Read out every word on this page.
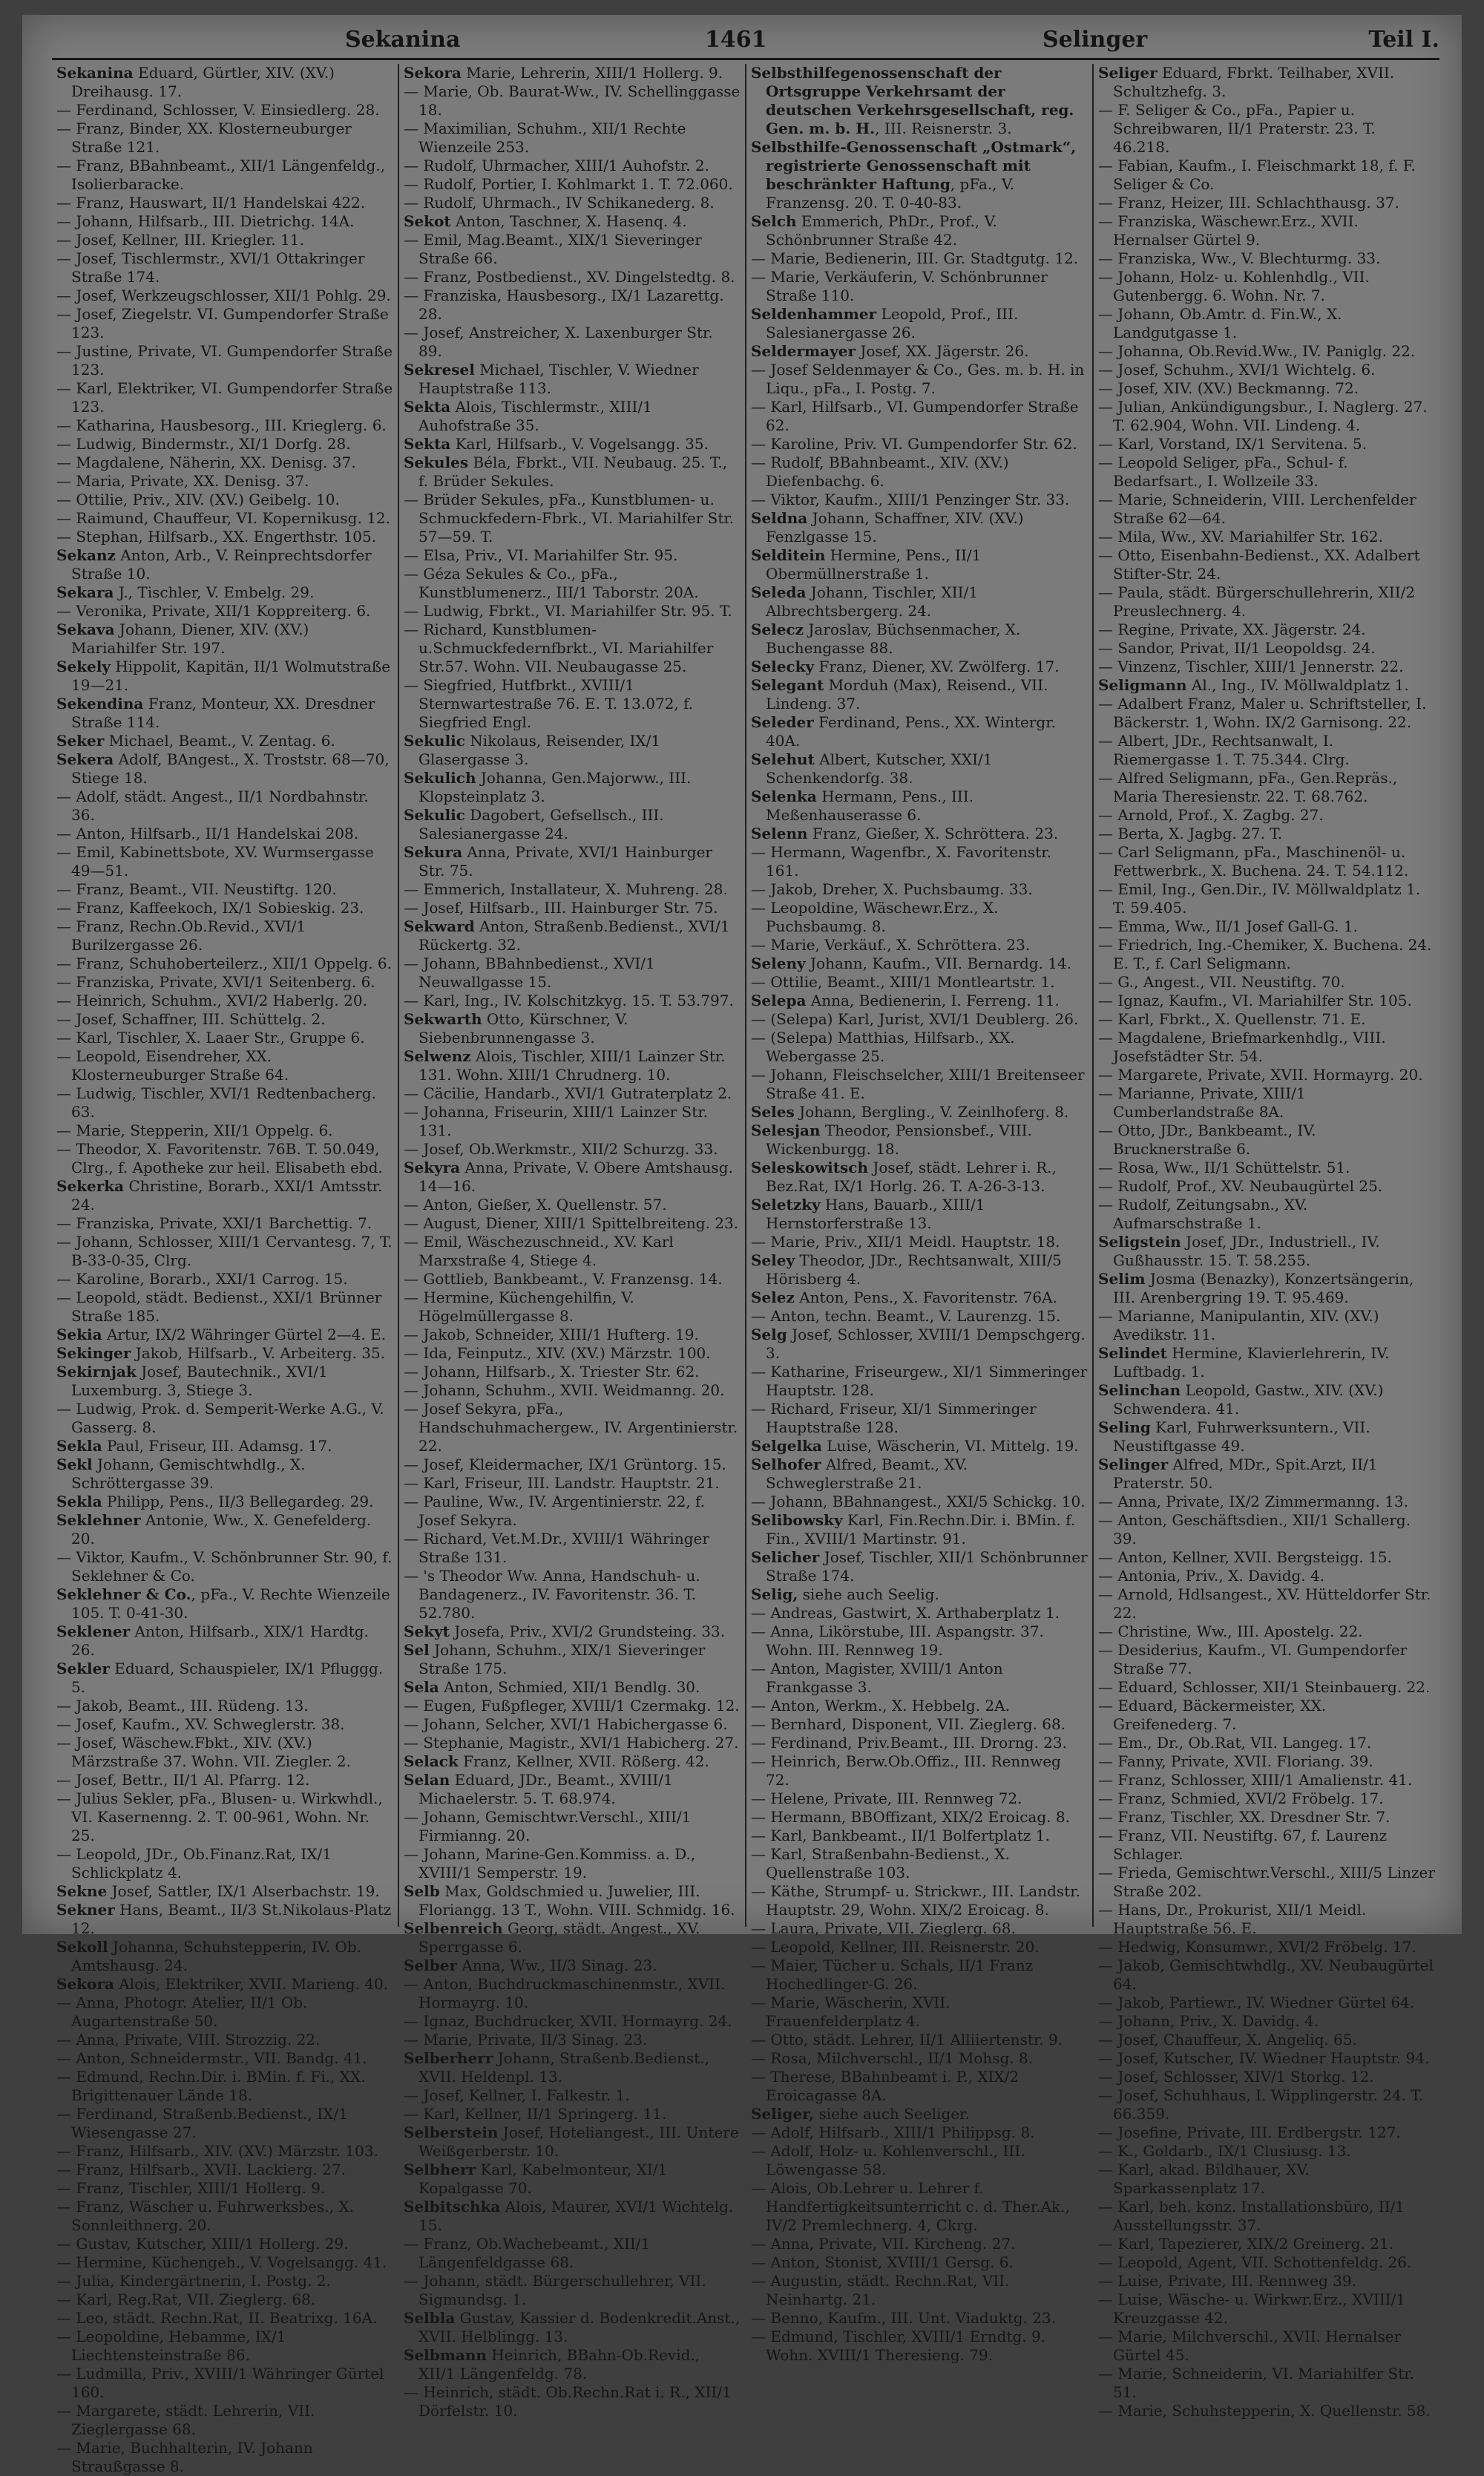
Sekanina	1461	Selinger	Teil I.
Sekanina Eduard, Gürtler, XIV. (XV.) Dreihausg. 17.
— Ferdinand, Schlosser, V. Einsiedlerg. 28.
— Franz, Binder, XX. Klosterneuburger Straße 121.
— Franz, BBahnbeamt., XII/1 Längenfeldg., Isolierbaracke.
— Franz, Hauswart, II/1 Handelskai 422.
— Johann, Hilfsarb., III. Dietrichg. 14A.
— Josef, Kellner, III. Kriegler. 11.
— Josef, Tischlermstr., XVI/1 Ottakringer Straße 174.
— Josef, Werkzeugschlosser, XII/1 Pohlg. 29.
— Josef, Ziegelstr. VI. Gumpendorfer Straße 123.
— Justine, Private, VI. Gumpendorfer Straße 123.
— Karl, Elektriker, VI. Gumpendorfer Straße 123.
— Katharina, Hausbesorg., III. Krieglerg. 6.
— Ludwig, Bindermstr., XI/1 Dorfg. 28.
— Magdalene, Näherin, XX. Denisg. 37.
— Maria, Private, XX. Denisg. 37.
— Ottilie, Priv., XIV. (XV.) Geibelg. 10.
— Raimund, Chauffeur, VI. Kopernikusg. 12.
— Stephan, Hilfsarb., XX. Engerthstr. 105.
Sekanz Anton, Arb., V. Reinprechtsdorfer Straße 10.
Sekara J., Tischler, V. Embelg. 29.
— Veronika, Private, XII/1 Koppreiterg. 6.
Sekava Johann, Diener, XIV. (XV.) Mariahilfer Str. 197.
Sekely Hippolit, Kapitän, II/1 Wolmutstraße 19—21.
Sekendina Franz, Monteur, XX. Dresdner Straße 114.
Seker Michael, Beamt., V. Zentag. 6.
Sekera Adolf, BAngest., X. Troststr. 68—70, Stiege 18.
— Adolf, städt. Angest., II/1 Nordbahnstr. 36.
— Anton, Hilfsarb., II/1 Handelskai 208.
— Emil, Kabinettsbote, XV. Wurmsergasse 49—51.
— Franz, Beamt., VII. Neustiftg. 120.
— Franz, Kaffeekoch, IX/1 Sobieskig. 23.
— Franz, Rechn.Ob.Revid., XVI/1 Burilzergasse 26.
— Franz, Schuhoberteilerz., XII/1 Oppelg. 6.
— Franziska, Private, XVI/1 Seitenberg. 6.
— Heinrich, Schuhm., XVI/2 Haberlg. 20.
— Josef, Schaffner, III. Schüttelg. 2.
— Karl, Tischler, X. Laaer Str., Gruppe 6.
— Leopold, Eisendreher, XX. Klosterneuburger Straße 64.
— Ludwig, Tischler, XVI/1 Redtenbacherg. 63.
— Marie, Stepperin, XII/1 Oppelg. 6.
— Theodor, X. Favoritenstr. 76B. T. 50.049, Clrg., f. Apotheke zur heil. Elisabeth ebd.
Sekerka Christine, Borarb., XXI/1 Amtsstr. 24.
— Franziska, Private, XXI/1 Barchettig. 7.
— Johann, Schlosser, XIII/1 Cervantesg. 7, T. B-33-0-35, Clrg.
— Karoline, Borarb., XXI/1 Carrog. 15.
— Leopold, städt. Bedienst., XXI/1 Brünner Straße 185.
Sekia Artur, IX/2 Währinger Gürtel 2—4. E.
Sekinger Jakob, Hilfsarb., V. Arbeiterg. 35.
Sekirnjak Josef, Bautechnik., XVI/1 Luxemburg. 3, Stiege 3.
— Ludwig, Prok. d. Semperit-Werke A.G., V. Gasserg. 8.
Sekla Paul, Friseur, III. Adamsg. 17.
Sekl Johann, Gemischtwhdlg., X. Schröttergasse 39.
Sekla Philipp, Pens., II/3 Bellegardeg. 29.
Seklehner Antonie, Ww., X. Genefelderg. 20.
— Viktor, Kaufm., V. Schönbrunner Str. 90, f. Seklehner & Co.
Seklehner & Co., pFa., V. Rechte Wienzeile 105. T. 0-41-30.
Seklener Anton, Hilfsarb., XIX/1 Hardtg. 26.
Sekler Eduard, Schauspieler, IX/1 Pfluggg. 5.
— Jakob, Beamt., III. Rüdeng. 13.
— Josef, Kaufm., XV. Schweglerstr. 38.
— Josef, Wäschew.Fbkt., XIV. (XV.) Märzstraße 37. Wohn. VII. Ziegler. 2.
— Josef, Bettr., II/1 Al. Pfarrg. 12.
— Julius Sekler, pFa., Blusen- u. Wirkwhdl., VI. Kasernenng. 2. T. 00-961, Wohn. Nr. 25.
— Leopold, JDr., Ob.Finanz.Rat, IX/1 Schlickplatz 4.
Sekne Josef, Sattler, IX/1 Alserbachstr. 19.
Sekner Hans, Beamt., II/3 St.Nikolaus-Platz 12.
Sekoll Johanna, Schuhstepperin, IV. Ob. Amtshausg. 24.
Sekora Alois, Elektriker, XVII. Marieng. 40.
— Anna, Photogr. Atelier, II/1 Ob. Augartenstraße 50.
— Anna, Private, VIII. Strozzig. 22.
— Anton, Schneidermstr., VII. Bandg. 41.
— Edmund, Rechn.Dir. i. BMin. f. Fi., XX. Brigittenauer Lände 18.
— Ferdinand, Straßenb.Bedienst., IX/1 Wiesengasse 27.
— Franz, Hilfsarb., XIV. (XV.) Märzstr. 103.
— Franz, Hilfsarb., XVII. Lackierg. 27.
— Franz, Tischler, XIII/1 Hollerg. 9.
— Franz, Wäscher u. Fuhrwerksbes., X. Sonnleithnerg. 20.
— Gustav, Kutscher, XIII/1 Hollerg. 29.
— Hermine, Küchengeh., V. Vogelsangg. 41.
— Julia, Kindergärtnerin, I. Postg. 2.
— Karl, Reg.Rat, VII. Zieglerg. 68.
— Leo, städt. Rechn.Rat, II. Beatrixg. 16A.
— Leopoldine, Hebamme, IX/1 Liechtensteinstraße 86.
— Ludmilla, Priv., XVIII/1 Währinger Gürtel 160.
— Margarete, städt. Lehrerin, VII. Zieglergasse 68.
— Marie, Buchhalterin, IV. Johann Straußgasse 8.
Sekora Marie, Lehrerin, XIII/1 Hollerg. 9.
— Marie, Ob. Baurat-Ww., IV. Schellinggasse 18.
— Maximilian, Schuhm., XII/1 Rechte Wienzeile 253.
— Rudolf, Uhrmacher, XIII/1 Auhofstr. 2.
— Rudolf, Portier, I. Kohlmarkt 1. T. 72.060.
— Rudolf, Uhrmach., IV Schikanederg. 8.
Sekot Anton, Taschner, X. Hasenq. 4.
— Emil, Mag.Beamt., XIX/1 Sieveringer Straße 66.
— Franz, Postbedienst., XV. Dingelstedtg. 8.
— Franziska, Hausbesorg., IX/1 Lazarettg. 28.
— Josef, Anstreicher, X. Laxenburger Str. 89.
Sekresel Michael, Tischler, V. Wiedner Hauptstraße 113.
Sekta Alois, Tischlermstr., XIII/1 Auhofstraße 35.
Sekta Karl, Hilfsarb., V. Vogelsangg. 35.
Sekules Béla, Fbrkt., VII. Neubaug. 25. T., f. Brüder Sekules.
— Brüder Sekules, pFa., Kunstblumen- u. Schmuckfedern-Fbrk., VI. Mariahilfer Str. 57—59. T.
— Elsa, Priv., VI. Mariahilfer Str. 95.
— Géza Sekules & Co., pFa., Kunstblumenerz., III/1 Taborstr. 20A.
— Ludwig, Fbrkt., VI. Mariahilfer Str. 95. T.
— Richard, Kunstblumen-u.Schmuckfedernfbrkt., VI. Mariahilfer Str.57. Wohn. VII. Neubaugasse 25.
— Siegfried, Hutfbrkt., XVIII/1 Sternwartestraße 76. E. T. 13.072, f. Siegfried Engl.
Sekulic Nikolaus, Reisender, IX/1 Glasergasse 3.
Sekulich Johanna, Gen.Majorww., III. Klopsteinplatz 3.
Sekulic Dagobert, Gefsellsch., III. Salesianergasse 24.
Sekura Anna, Private, XVI/1 Hainburger Str. 75.
— Emmerich, Installateur, X. Muhreng. 28.
— Josef, Hilfsarb., III. Hainburger Str. 75.
Sekward Anton, Straßenb.Bedienst., XVI/1 Rückertg. 32.
— Johann, BBahnbedienst., XVI/1 Neuwallgasse 15.
— Karl, Ing., IV. Kolschitzkyg. 15. T. 53.797.
Sekwarth Otto, Kürschner, V. Siebenbrunnengasse 3.
Selwenz Alois, Tischler, XIII/1 Lainzer Str. 131. Wohn. XIII/1 Chrudnerg. 10.
— Cäcilie, Handarb., XVI/1 Gutraterplatz 2.
— Johanna, Friseurin, XIII/1 Lainzer Str. 131.
— Josef, Ob.Werkmstr., XII/2 Schurzg. 33.
Sekyra Anna, Private, V. Obere Amtshausg. 14—16.
— Anton, Gießer, X. Quellenstr. 57.
— August, Diener, XIII/1 Spittelbreiteng. 23.
— Emil, Wäschezuschneid., XV. Karl Marxstraße 4, Stiege 4.
— Gottlieb, Bankbeamt., V. Franzensg. 14.
— Hermine, Küchengehilfin, V. Högelmüllergasse 8.
— Jakob, Schneider, XIII/1 Hufterg. 19.
— Ida, Feinputz., XIV. (XV.) Märzstr. 100.
— Johann, Hilfsarb., X. Triester Str. 62.
— Johann, Schuhm., XVII. Weidmanng. 20.
— Josef Sekyra, pFa., Handschuhmachergew., IV. Argentinierstr. 22.
— Josef, Kleidermacher, IX/1 Grüntorg. 15.
— Karl, Friseur, III. Landstr. Hauptstr. 21.
— Pauline, Ww., IV. Argentinierstr. 22, f. Josef Sekyra.
— Richard, Vet.M.Dr., XVIII/1 Währinger Straße 131.
— 's Theodor Ww. Anna, Handschuh- u. Bandagenerz., IV. Favoritenstr. 36. T. 52.780.
Sekyt Josefa, Priv., XVI/2 Grundsteing. 33.
Sel Johann, Schuhm., XIX/1 Sieveringer Straße 175.
Sela Anton, Schmied, XII/1 Bendlg. 30.
— Eugen, Fußpfleger, XVIII/1 Czermakg. 12.
— Johann, Selcher, XVI/1 Habichergasse 6.
— Stephanie, Magistr., XVI/1 Habicherg. 27.
Selack Franz, Kellner, XVII. Rößerg. 42.
Selan Eduard, JDr., Beamt., XVIII/1 Michaelerstr. 5. T. 68.974.
— Johann, Gemischtwr.Verschl., XIII/1 Firmianng. 20.
— Johann, Marine-Gen.Kommiss. a. D., XVIII/1 Semperstr. 19.
Selb Max, Goldschmied u. Juwelier, III. Floriangg. 13 T., Wohn. VIII. Schmidg. 16.
Selbenreich Georg, städt. Angest., XV. Sperrgasse 6.
Selber Anna, Ww., II/3 Sinag. 23.
— Anton, Buchdruckmaschinenmstr., XVII. Hormayrg. 10.
— Ignaz, Buchdrucker, XVII. Hormayrg. 24.
— Marie, Private, II/3 Sinag. 23.
Selberherr Johann, Straßenb.Bedienst., XVII. Heldenpl. 13.
— Josef, Kellner, I. Falkestr. 1.
— Karl, Kellner, II/1 Springerg. 11.
Selberstein Josef, Hoteliangest., III. Untere Weißgerberstr. 10.
Selbherr Karl, Kabelmonteur, XI/1 Kopalgasse 70.
Selbitschka Alois, Maurer, XVI/1 Wichtelg. 15.
— Franz, Ob.Wachebeamt., XII/1 Längenfeldgasse 68.
— Johann, städt. Bürgerschullehrer, VII. Sigmundsg. 1.
Selbla Gustav, Kassier d. Bodenkredit.Anst., XVII. Helblingg. 13.
Selbmann Heinrich, BBahn-Ob.Revid., XII/1 Längenfeldg. 78.
— Heinrich, städt. Ob.Rechn.Rat i. R., XII/1 Dörfelstr. 10.
Selbsthilfegenossenschaft der Ortsgruppe Verkehrsamt der deutschen Verkehrsgesellschaft, reg. Gen. m. b. H., III. Reisnerstr. 3.
Selbsthilfe-Genossenschaft „Ostmark“, registrierte Genossenschaft mit beschränkter Haftung, pFa., V. Franzensg. 20. T. 0-40-83.
Selch Emmerich, PhDr., Prof., V. Schönbrunner Straße 42.
— Marie, Bedienerin, III. Gr. Stadtgutg. 12.
— Marie, Verkäuferin, V. Schönbrunner Straße 110.
Seldenhammer Leopold, Prof., III. Salesianergasse 26.
Seldermayer Josef, XX. Jägerstr. 26.
— Josef Seldenmayer & Co., Ges. m. b. H. in Liqu., pFa., I. Postg. 7.
— Karl, Hilfsarb., VI. Gumpendorfer Straße 62.
— Karoline, Priv. VI. Gumpendorfer Str. 62.
— Rudolf, BBahnbeamt., XIV. (XV.) Diefenbachg. 6.
— Viktor, Kaufm., XIII/1 Penzinger Str. 33.
Seldna Johann, Schaffner, XIV. (XV.) Fenzlgasse 15.
Selditein Hermine, Pens., II/1 Obermüllnerstraße 1.
Seleda Johann, Tischler, XII/1 Albrechtsbergerg. 24.
Selecz Jaroslav, Büchsenmacher, X. Buchengasse 88.
Selecky Franz, Diener, XV. Zwölferg. 17.
Selegant Morduh (Max), Reisend., VII. Lindeng. 37.
Seleder Ferdinand, Pens., XX. Wintergr. 40A.
Selehut Albert, Kutscher, XXI/1 Schenkendorfg. 38.
Selenka Hermann, Pens., III. Meßenhauserasse 6.
Selenn Franz, Gießer, X. Schröttera. 23.
— Hermann, Wagenfbr., X. Favoritenstr. 161.
— Jakob, Dreher, X. Puchsbaumg. 33.
— Leopoldine, Wäschewr.Erz., X. Puchsbaumg. 8.
— Marie, Verkäuf., X. Schröttera. 23.
Seleny Johann, Kaufm., VII. Bernardg. 14.
— Ottilie, Beamt., XIII/1 Montleartstr. 1.
Selepa Anna, Bedienerin, I. Ferreng. 11.
— (Selepa) Karl, Jurist, XVI/1 Deublerg. 26.
— (Selepa) Matthias, Hilfsarb., XX. Webergasse 25.
— Johann, Fleischselcher, XIII/1 Breitenseer Straße 41. E.
Seles Johann, Bergling., V. Zeinlhoferg. 8.
Selesjan Theodor, Pensionsbef., VIII. Wickenburgg. 18.
Seleskowitsch Josef, städt. Lehrer i. R., Bez.Rat, IX/1 Horlg. 26. T. A-26-3-13.
Seletzky Hans, Bauarb., XIII/1 Hernstorferstraße 13.
— Marie, Priv., XII/1 Meidl. Hauptstr. 18.
Seley Theodor, JDr., Rechtsanwalt, XIII/5 Hörisberg 4.
Selez Anton, Pens., X. Favoritenstr. 76A.
— Anton, techn. Beamt., V. Laurenzg. 15.
Selg Josef, Schlosser, XVIII/1 Dempschgerg. 3.
— Katharine, Friseurgew., XI/1 Simmeringer Hauptstr. 128.
— Richard, Friseur, XI/1 Simmeringer Hauptstraße 128.
Selgelka Luise, Wäscherin, VI. Mittelg. 19.
Selhofer Alfred, Beamt., XV. Schweglerstraße 21.
— Johann, BBahnangest., XXI/5 Schickg. 10.
Selibowsky Karl, Fin.Rechn.Dir. i. BMin. f. Fin., XVIII/1 Martinstr. 91.
Selicher Josef, Tischler, XII/1 Schönbrunner Straße 174.
Selig, siehe auch Seelig.
— Andreas, Gastwirt, X. Arthaberplatz 1.
— Anna, Likörstube, III. Aspangstr. 37. Wohn. III. Rennweg 19.
— Anton, Magister, XVIII/1 Anton Frankgasse 3.
— Anton, Werkm., X. Hebbelg. 2A.
— Bernhard, Disponent, VII. Zieglerg. 68.
— Ferdinand, Priv.Beamt., III. Drorng. 23.
— Heinrich, Berw.Ob.Offiz., III. Rennweg 72.
— Helene, Private, III. Rennweg 72.
— Hermann, BBOffizant, XIX/2 Eroicag. 8.
— Karl, Bankbeamt., II/1 Bolfertplatz 1.
— Karl, Straßenbahn-Bedienst., X. Quellenstraße 103.
— Käthe, Strumpf- u. Strickwr., III. Landstr. Hauptstr. 29, Wohn. XIX/2 Eroicag. 8.
— Laura, Private, VII. Zieglerg. 68.
— Leopold, Kellner, III. Reisnerstr. 20.
— Maier, Tücher u. Schals, II/1 Franz Hochedlinger-G. 26.
— Marie, Wäscherin, XVII. Frauenfelderplatz 4.
— Otto, städt. Lehrer, II/1 Alliiertenstr. 9.
— Rosa, Milchverschl., II/1 Mohsg. 8.
— Therese, BBahnbeamt i. P., XIX/2 Eroicagasse 8A.
Seliger, siehe auch Seeliger.
— Adolf, Hilfsarb., XIII/1 Philippsg. 8.
— Adolf, Holz- u. Kohlenverschl., III. Löwengasse 58.
— Alois, Ob.Lehrer u. Lehrer f. Handfertigkeitsunterricht c. d. Ther.Ak., IV/2 Premlechnerg. 4, Ckrg.
— Anna, Private, VII. Kircheng. 27.
— Anton, Stonist, XVIII/1 Gersg. 6.
— Augustin, städt. Rechn.Rat, VII. Neinhartg. 21.
— Benno, Kaufm., III. Unt. Viaduktg. 23.
— Edmund, Tischler, XVIII/1 Erndtg. 9. Wohn. XVIII/1 Theresieng. 79.
Seliger Eduard, Fbrkt. Teilhaber, XVII. Schultzhefg. 3.
— F. Seliger & Co., pFa., Papier u. Schreibwaren, II/1 Praterstr. 23. T. 46.218.
— Fabian, Kaufm., I. Fleischmarkt 18, f. F. Seliger & Co.
— Franz, Heizer, III. Schlachthausg. 37.
— Franziska, Wäschewr.Erz., XVII. Hernalser Gürtel 9.
— Franziska, Ww., V. Blechturmg. 33.
— Johann, Holz- u. Kohlenhdlg., VII. Gutenbergg. 6. Wohn. Nr. 7.
— Johann, Ob.Amtr. d. Fin.W., X. Landgutgasse 1.
— Johanna, Ob.Revid.Ww., IV. Paniglg. 22.
— Josef, Schuhm., XVI/1 Wichtelg. 6.
— Josef, XIV. (XV.) Beckmanng. 72.
— Julian, Ankündigungsbur., I. Naglerg. 27. T. 62.904, Wohn. VII. Lindeng. 4.
— Karl, Vorstand, IX/1 Servitena. 5.
— Leopold Seliger, pFa., Schul- f. Bedarfsart., I. Wollzeile 33.
— Marie, Schneiderin, VIII. Lerchenfelder Straße 62—64.
— Mila, Ww., XV. Mariahilfer Str. 162.
— Otto, Eisenbahn-Bedienst., XX. Adalbert Stifter-Str. 24.
— Paula, städt. Bürgerschullehrerin, XII/2 Preuslechnerg. 4.
— Regine, Private, XX. Jägerstr. 24.
— Sandor, Privat, II/1 Leopoldsg. 24.
— Vinzenz, Tischler, XIII/1 Jennerstr. 22.
Seligmann Al., Ing., IV. Möllwaldplatz 1.
— Adalbert Franz, Maler u. Schriftsteller, I. Bäckerstr. 1, Wohn. IX/2 Garnisong. 22.
— Albert, JDr., Rechtsanwalt, I. Riemergasse 1. T. 75.344. Clrg.
— Alfred Seligmann, pFa., Gen.Repräs., Maria Theresienstr. 22. T. 68.762.
— Arnold, Prof., X. Zagbg. 27.
— Berta, X. Jagbg. 27. T.
— Carl Seligmann, pFa., Maschinenöl- u. Fettwerbrk., X. Buchena. 24. T. 54.112.
— Emil, Ing., Gen.Dir., IV. Möllwaldplatz 1. T. 59.405.
— Emma, Ww., II/1 Josef Gall-G. 1.
— Friedrich, Ing.-Chemiker, X. Buchena. 24. E. T., f. Carl Seligmann.
— G., Angest., VII. Neustiftg. 70.
— Ignaz, Kaufm., VI. Mariahilfer Str. 105.
— Karl, Fbrkt., X. Quellenstr. 71. E.
— Magdalene, Briefmarkenhdlg., VIII. Josefstädter Str. 54.
— Margarete, Private, XVII. Hormayrg. 20.
— Marianne, Private, XIII/1 Cumberlandstraße 8A.
— Otto, JDr., Bankbeamt., IV. Brucknerstraße 6.
— Rosa, Ww., II/1 Schüttelstr. 51.
— Rudolf, Prof., XV. Neubaugürtel 25.
— Rudolf, Zeitungsabn., XV. Aufmarschstraße 1.
Seligstein Josef, JDr., Industriell., IV. Gußhausstr. 15. T. 58.255.
Selim Josma (Benazky), Konzertsängerin, III. Arenbergring 19. T. 95.469.
— Marianne, Manipulantin, XIV. (XV.) Avedikstr. 11.
Selindet Hermine, Klavierlehrerin, IV. Luftbadg. 1.
Selinchan Leopold, Gastw., XIV. (XV.) Schwendera. 41.
Seling Karl, Fuhrwerksuntern., VII. Neustiftgasse 49.
Selinger Alfred, MDr., Spit.Arzt, II/1 Praterstr. 50.
— Anna, Private, IX/2 Zimmermanng. 13.
— Anton, Geschäftsdien., XII/1 Schallerg. 39.
— Anton, Kellner, XVII. Bergsteigg. 15.
— Antonia, Priv., X. Davidg. 4.
— Arnold, Hdlsangest., XV. Hütteldorfer Str. 22.
— Christine, Ww., III. Apostelg. 22.
— Desiderius, Kaufm., VI. Gumpendorfer Straße 77.
— Eduard, Schlosser, XII/1 Steinbauerg. 22.
— Eduard, Bäckermeister, XX. Greifenederg. 7.
— Em., Dr., Ob.Rat, VII. Langeg. 17.
— Fanny, Private, XVII. Floriang. 39.
— Franz, Schlosser, XIII/1 Amalienstr. 41.
— Franz, Schmied, XVI/2 Fröbelg. 17.
— Franz, Tischler, XX. Dresdner Str. 7.
— Franz, VII. Neustiftg. 67, f. Laurenz Schlager.
— Frieda, Gemischtwr.Verschl., XIII/5 Linzer Straße 202.
— Hans, Dr., Prokurist, XII/1 Meidl. Hauptstraße 56. E.
— Hedwig, Konsumwr., XVI/2 Fröbelg. 17.
— Jakob, Gemischtwhdlg., XV. Neubaugürtel 64.
— Jakob, Partiewr., IV. Wiedner Gürtel 64.
— Johann, Priv., X. Davidg. 4.
— Josef, Chauffeur, X. Angeliq. 65.
— Josef, Kutscher, IV. Wiedner Hauptstr. 94.
— Josef, Schlosser, XIV/1 Storkg. 12.
— Josef, Schuhhaus, I. Wipplingerstr. 24. T. 66.359.
— Josefine, Private, III. Erdbergstr. 127.
— K., Goldarb., IX/1 Clusiusg. 13.
— Karl, akad. Bildhauer, XV. Sparkassenplatz 17.
— Karl, beh. konz. Installationsbüro, II/1 Ausstellungsstr. 37.
— Karl, Tapezierer, XIX/2 Greinerg. 21.
— Leopold, Agent, VII. Schottenfeldg. 26.
— Luise, Private, III. Rennweg 39.
— Luise, Wäsche- u. Wirkwr.Erz., XVIII/1 Kreuzgasse 42.
— Marie, Milchverschl., XVII. Hernalser Gürtel 45.
— Marie, Schneiderin, VI. Mariahilfer Str. 51.
— Marie, Schuhstepperin, X. Quellenstr. 58.
